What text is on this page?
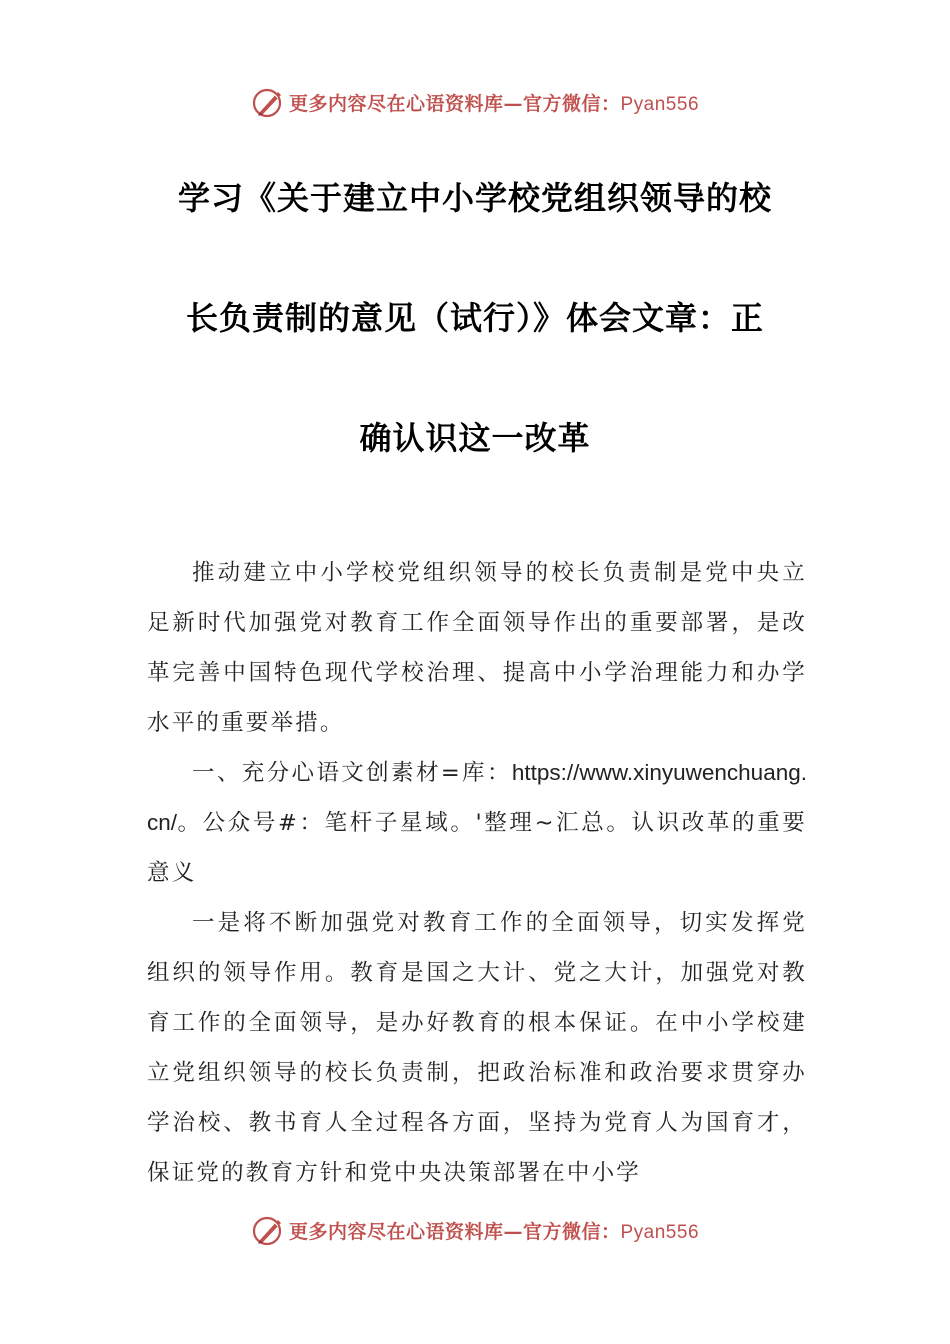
更多内容尽在心语资料库—官方微信：Pyan556
学习《关于建立中小学校党组织领导的校
长负责制的意见（试行）》体会文章：正
确认识这一改革

推动建立中小学校党组织领导的校长负责制是党中央立足新时代加强党对教育工作全面领导作出的重要部署，是改革完善中国特色现代学校治理、提高中小学治理能力和办学水平的重要举措。

一、充分心语文创素材=库：https://www.xinyuwenchuang.cn/。公众号#：笔杆子星域。'整理~汇总。认识改革的重要意义

一是将不断加强党对教育工作的全面领导，切实发挥党组织的领导作用。教育是国之大计、党之大计，加强党对教育工作的全面领导，是办好教育的根本保证。在中小学校建立党组织领导的校长负责制，把政治标准和政治要求贯穿办学治校、教书育人全过程各方面，坚持为党育人为国育才，保证党的教育方针和党中央决策部署在中小学

更多内容尽在心语资料库—官方微信：Pyan556
